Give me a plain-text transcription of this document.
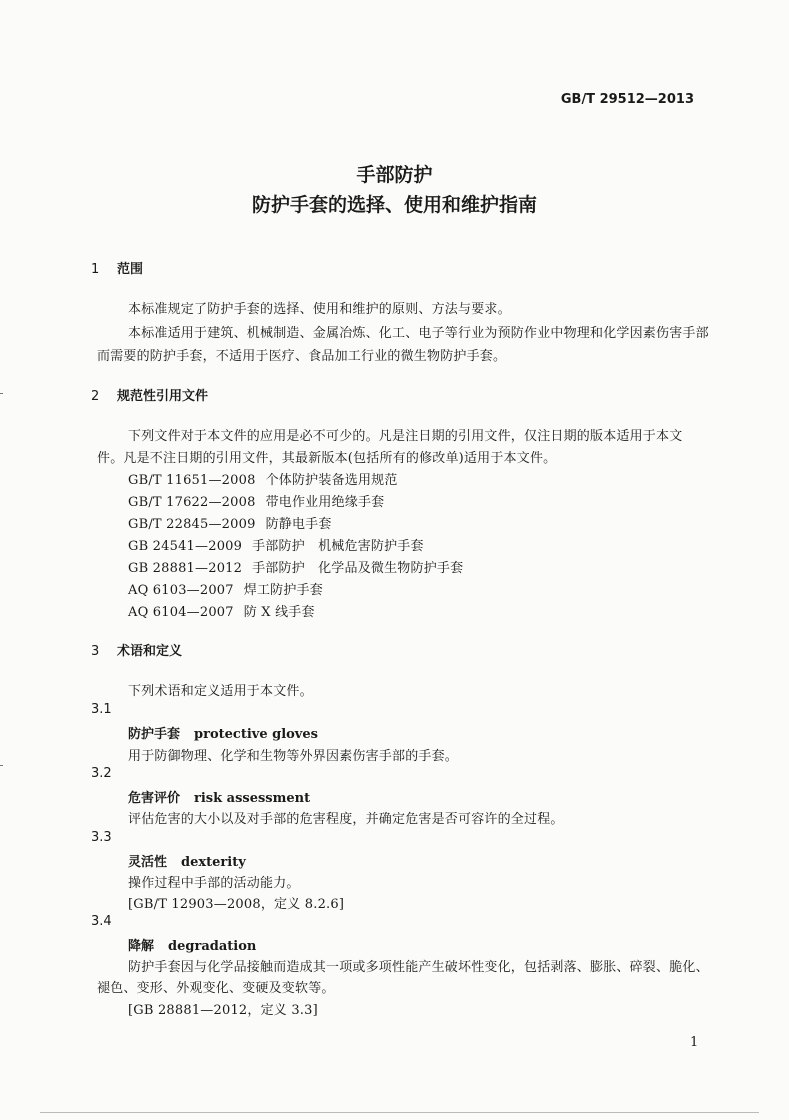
GB/T 29512—2013
手部防护
防护手套的选择、使用和维护指南
1 范围
本标准规定了防护手套的选择、使用和维护的原则、方法与要求。
本标准适用于建筑、机械制造、金属冶炼、化工、电子等行业为预防作业中物理和化学因素伤害手部
而需要的防护手套，不适用于医疗、食品加工行业的微生物防护手套。
2 规范性引用文件
下列文件对于本文件的应用是必不可少的。凡是注日期的引用文件，仅注日期的版本适用于本文
件。凡是不注日期的引用文件，其最新版本(包括所有的修改单)适用于本文件。
GB/T 11651—2008 个体防护装备选用规范
GB/T 17622—2008 带电作业用绝缘手套
GB/T 22845—2009 防静电手套
GB 24541—2009 手部防护　机械危害防护手套
GB 28881—2012 手部防护　化学品及微生物防护手套
AQ 6103—2007 焊工防护手套
AQ 6104—2007 防 X 线手套
3 术语和定义
下列术语和定义适用于本文件。
3.1
防护手套 protective gloves
用于防御物理、化学和生物等外界因素伤害手部的手套。
3.2
危害评价 risk assessment
评估危害的大小以及对手部的危害程度，并确定危害是否可容许的全过程。
3.3
灵活性 dexterity
操作过程中手部的活动能力。
[GB/T 12903—2008，定义 8.2.6]
3.4
降解 degradation
防护手套因与化学品接触而造成其一项或多项性能产生破坏性变化，包括剥落、膨胀、碎裂、脆化、
褪色、变形、外观变化、变硬及变软等。
[GB 28881—2012，定义 3.3]
1
